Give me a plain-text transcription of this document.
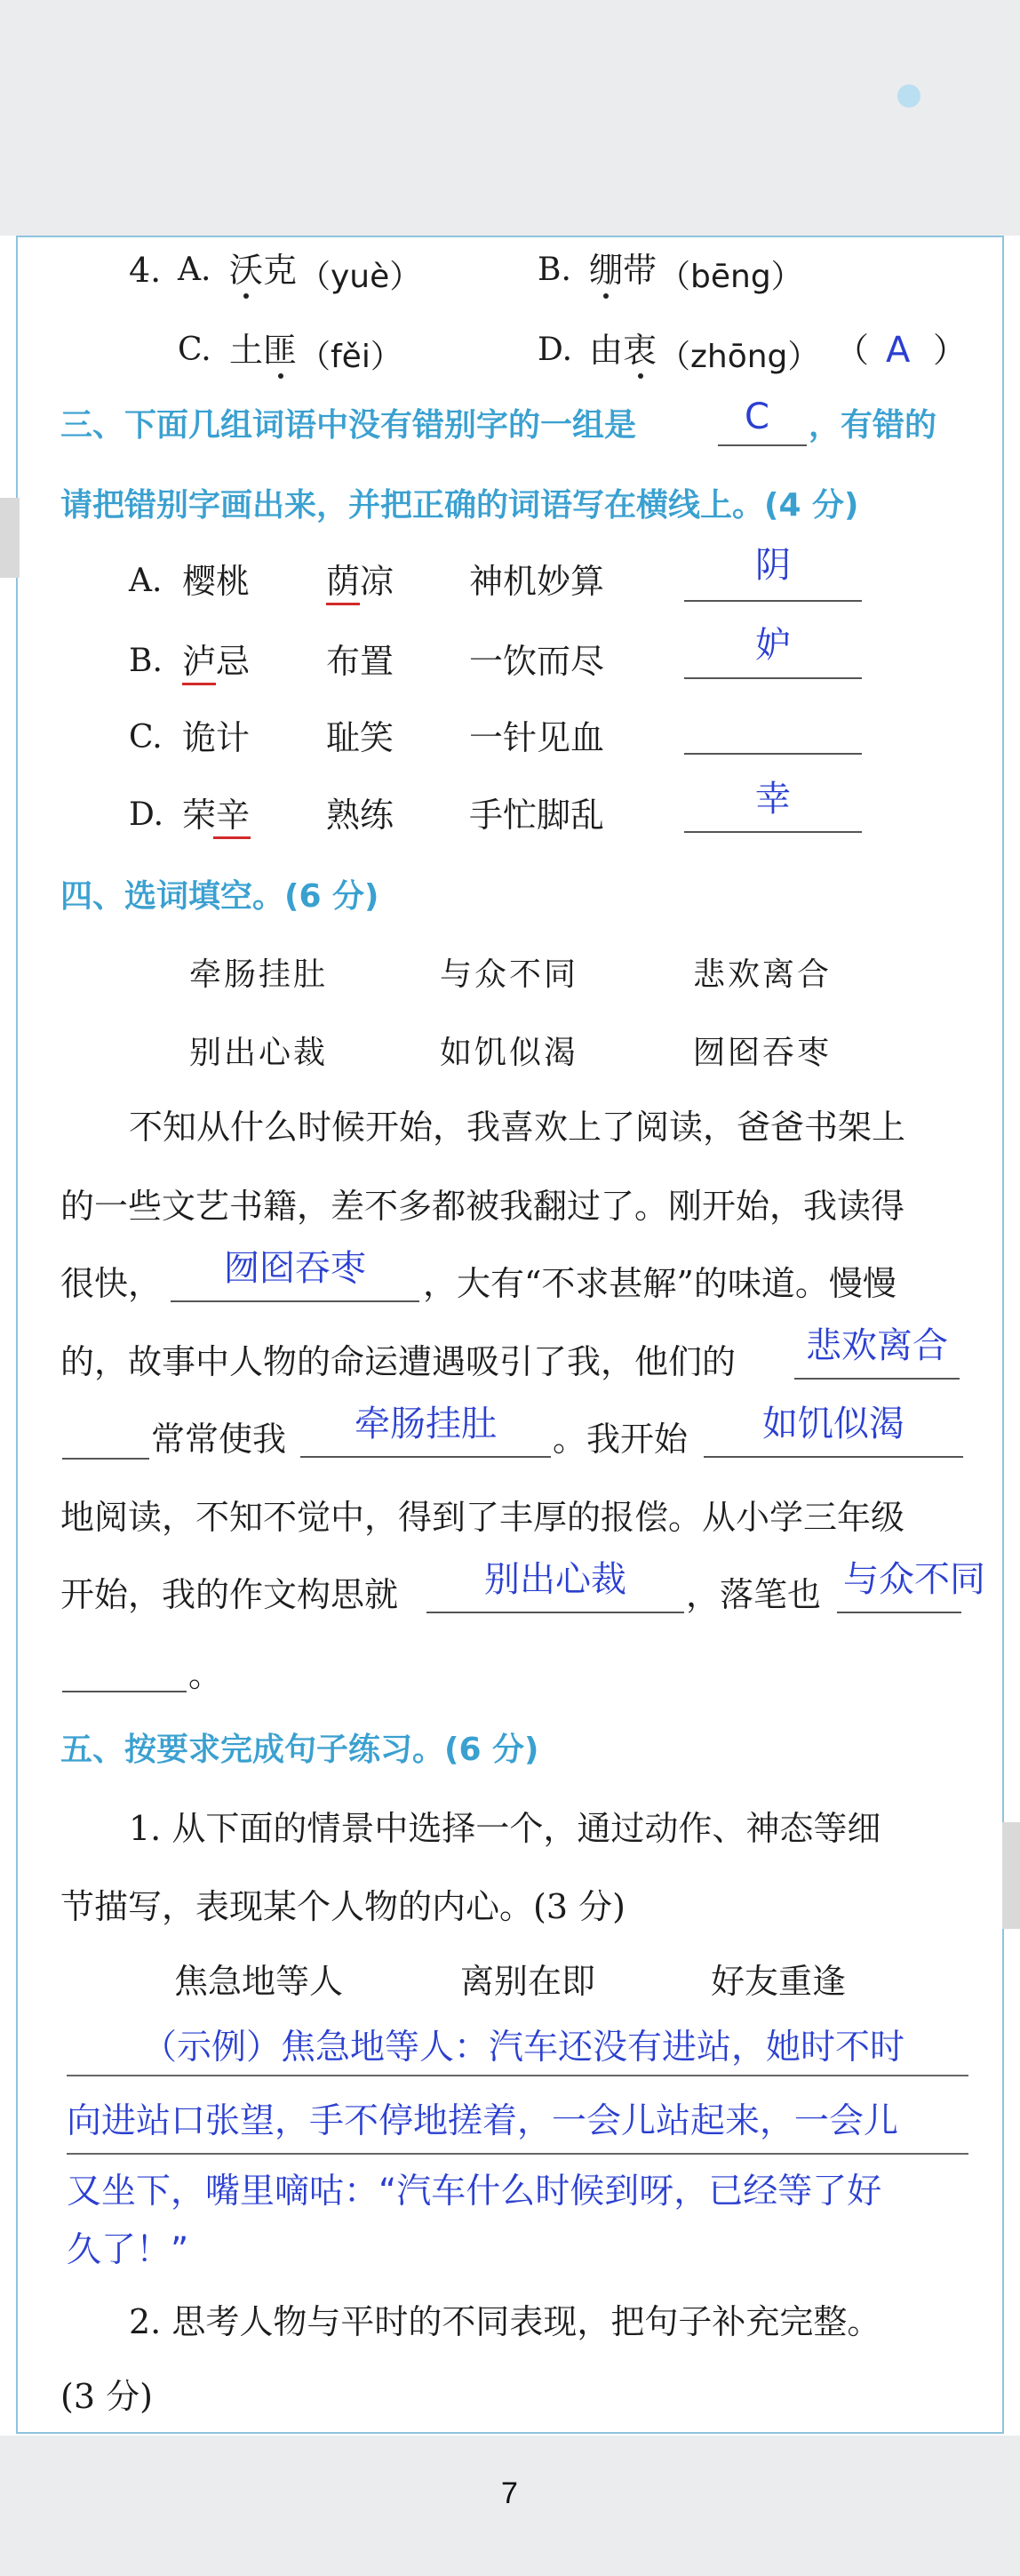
4. A. 沃克 （yuè）	B. 绷带 （bēng）
C. 土匪 （fěi）	D. 由衷 （zhōng） （ A ）
三、下面几组词语中没有错别字的一组是	C ，有错的
请把错别字画出来，并把正确的词语写在横线上。(4 分)
A. 樱桃 荫凉 神机妙算	阴
B. 泸忌 布置 一饮而尽	妒
C. 诡计 耻笑 一针见血
D. 荣辛 熟练 手忙脚乱	幸
四、选词填空。(6 分)
牵肠挂肚	与众不同	悲欢离合
别出心裁	如饥似渴	囫囵吞枣
不知从什么时候开始，我喜欢上了阅读，爸爸书架上
的一些文艺书籍，差不多都被我翻过了。刚开始，我读得
很快，	囫囵吞枣	，大有“不求甚解”的味道。慢慢
的，故事中人物的命运遭遇吸引了我，他们的	悲欢离合
常常使我	牵肠挂肚	。我开始	如饥似渴
地阅读，不知不觉中，得到了丰厚的报偿。从小学三年级
开始，我的作文构思就	别出心裁	，落笔也 与众不同
。
五、按要求完成句子练习。(6 分)
1. 从下面的情景中选择一个，通过动作、神态等细
节描写，表现某个人物的内心。(3 分)
焦急地等人	离别在即	好友重逢
（示例）焦急地等人：汽车还没有进站，她时不时
向进站口张望，手不停地搓着，一会儿站起来，一会儿
又坐下，嘴里嘀咕：“汽车什么时候到呀，已经等了好
久了！”
2. 思考人物与平时的不同表现，把句子补充完整。
(3 分)
7
